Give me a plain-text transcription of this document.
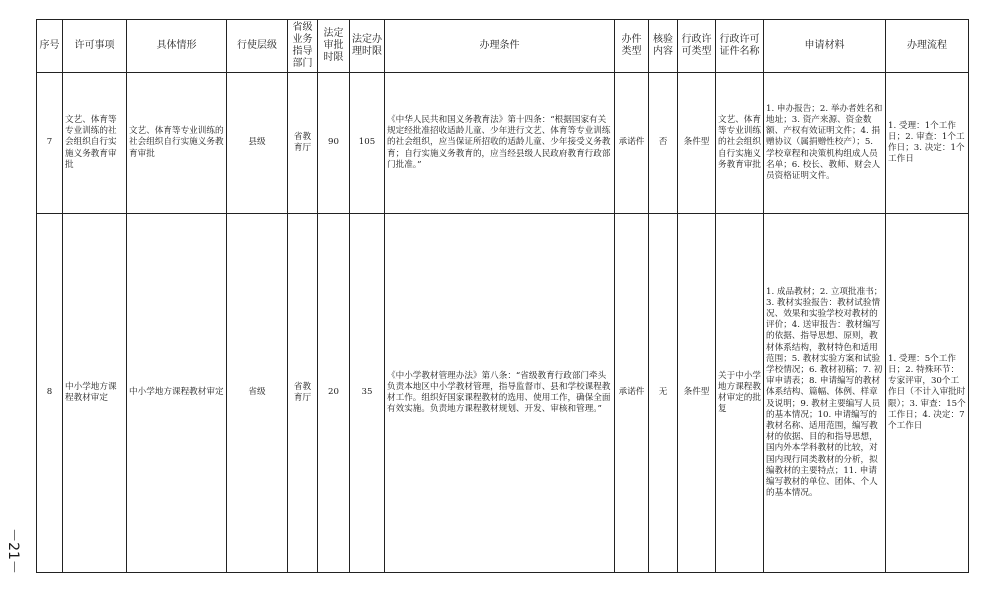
－21－
序号	许可事项	具体情形	行使层级	省级业务指导部门	法定审批时限	法定办理时限	办理条件	办件类型	核验内容	行政许可类型	行政许可证件名称	申请材料	办理流程
7	文艺、体育等专业训练的社会组织自行实施义务教育审批	文艺、体育等专业训练的社会组织自行实施义务教育审批	县级	省教育厅	90	105	《中华人民共和国义务教育法》第十四条：“根据国家有关规定经批准招收适龄儿童、少年进行文艺、体育等专业训练的社会组织，应当保证所招收的适龄儿童、少年接受义务教育；自行实施义务教育的，应当经县级人民政府教育行政部门批准。”	承诺件	否	条件型	文艺、体育等专业训练的社会组织自行实施义务教育审批	1. 申办报告；2. 举办者姓名和地址；3. 资产来源、资金数额、产权有效证明文件；4. 捐赠协议（属捐赠性校产）；5. 学校章程和决策机构组成人员名单；6. 校长、教师、财会人员资格证明文件。	1. 受理：1个工作日；2. 审查：1个工作日；3. 决定：1个工作日
8	中小学地方课程教材审定	中小学地方课程教材审定	省级	省教育厅	20	35	《中小学教材管理办法》第八条：“省级教育行政部门牵头负责本地区中小学教材管理，指导监督市、县和学校课程教材工作。组织好国家课程教材的选用、使用工作，确保全面有效实施。负责地方课程教材规划、开发、审核和管理。”	承诺件	无	条件型	关于中小学地方课程教材审定的批复	1. 成品教材；2. 立项批准书；3. 教材实验报告：教材试验情况、效果和实验学校对教材的评价；4. 送审报告：教材编写的依据、指导思想、原则，教材体系结构，教材特色和适用范围；5. 教材实验方案和试验学校情况；6. 教材初稿；7. 初审申请表；8. 申请编写的教材体系结构、篇幅、体例、样章及说明；9. 教材主要编写人员的基本情况；10. 申请编写的教材名称、适用范围，编写教材的依据、目的和指导思想，国内外本学科教材的比较，对国内现行同类教材的分析，拟编教材的主要特点；11. 申请编写教材的单位、团体、个人的基本情况。	1. 受理：5个工作日；2. 特殊环节：专家评审，30个工作日（不计入审批时限）；3. 审查：15个工作日；4. 决定：7个工作日
